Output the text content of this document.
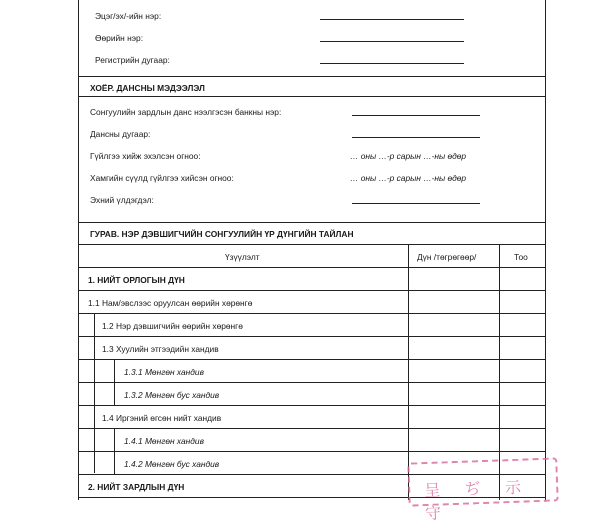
Эцэг/эх/-ийн нэр:
Өөрийн нэр:
Регистрийн дугаар:
ХОЁР. ДАНСНЫ МЭДЭЭЛЭЛ
Сонгуулийн зардлын данс нээлгэсэн банкны нэр:
Дансны дугаар:
Гүйлгээ хийж эхэлсэн огноо:	… оны …-р сарын …-ны өдөр
Хамгийн сүүлд гүйлгээ хийсэн огноо:	… оны …-р сарын …-ны өдөр
Эхний үлдэгдэл:
ГУРАВ. НЭР ДЭВШИГЧИЙН СОНГУУЛИЙН ҮР ДҮНГИЙН ТАЙЛАН
Үзүүлэлт	Дүн /төгрөгөөр/	Тоо
1. НИЙТ ОРЛОГЫН ДҮН
1.1 Нам/эвслээс оруулсан өөрийн хөрөнгө
1.2 Нэр дэвшигчийн өөрийн хөрөнгө
1.3 Хуулийн этгээдийн хандив
1.3.1 Мөнгөн хандив
1.3.2 Мөнгөн бус хандив
1.4 Иргэний өгсөн нийт хандив
1.4.1 Мөнгөн хандив
1.4.2 Мөнгөн бус хандив
2. НИЙТ ЗАРДЛЫН ДҮН	呈 ぢ 示 守
